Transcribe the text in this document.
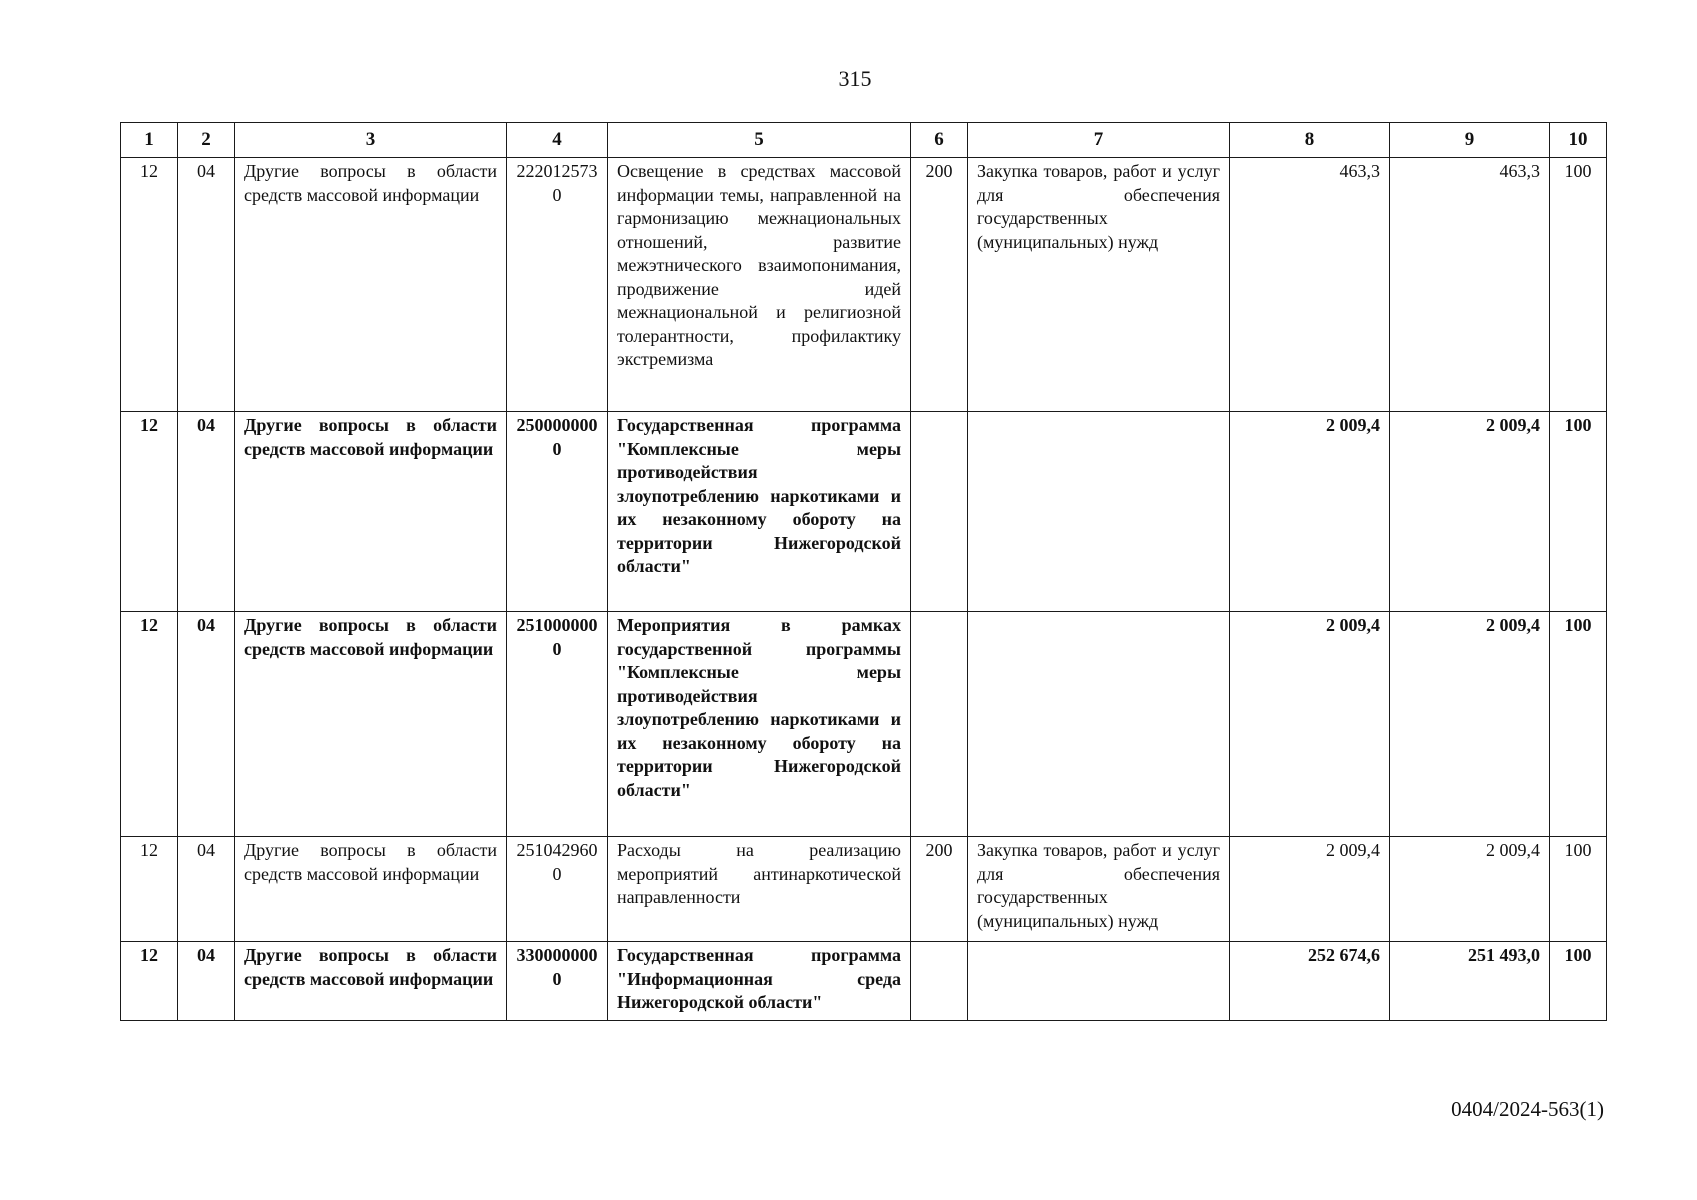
315
1	2	3	4	5	6	7	8	9	10
12	04	Другие вопросы в области средств массовой информации	2220125730	Освещение в средствах массовой информации темы, направленной на гармонизацию межнациональных отношений, развитие межэтнического взаимопонимания, продвижение идей межнациональной и религиозной толерантности, профилактику экстремизма	200	Закупка товаров, работ и услуг для обеспечения государственных (муниципальных) нужд	463,3	463,3	100
12	04	Другие вопросы в области средств массовой информации	2500000000	Государственная программа "Комплексные меры противодействия злоупотреблению наркотиками и их незаконному обороту на территории Нижегородской области"			2 009,4	2 009,4	100
12	04	Другие вопросы в области средств массовой информации	2510000000	Мероприятия в рамках государственной программы "Комплексные меры противодействия злоупотреблению наркотиками и их незаконному обороту на территории Нижегородской области"			2 009,4	2 009,4	100
12	04	Другие вопросы в области средств массовой информации	2510429600	Расходы на реализацию мероприятий антинаркотической направленности	200	Закупка товаров, работ и услуг для обеспечения государственных (муниципальных) нужд	2 009,4	2 009,4	100
12	04	Другие вопросы в области средств массовой информации	3300000000	Государственная программа "Информационная среда Нижегородской области"			252 674,6	251 493,0	100
0404/2024-563(1)
